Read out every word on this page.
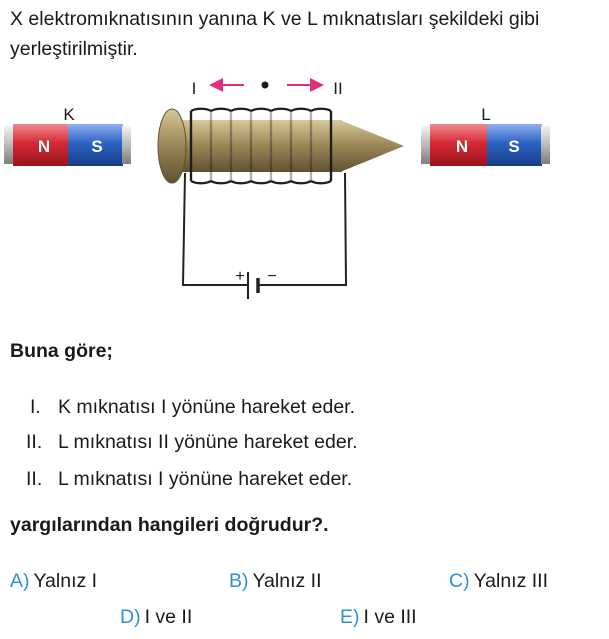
X elektromıknatısının yanına K ve L mıknatısları şekildeki gibi yerleştirilmiştir.
K
N S
L
N S
I	II
+ −
Buna göre;
I. K mıknatısı I yönüne hareket eder.
II. L mıknatısı II yönüne hareket eder.
II. L mıknatısı I yönüne hareket eder.
yargılarından hangileri doğrudur?.
A) Yalnız I	B) Yalnız II	C) Yalnız III
D) I ve II	E) I ve III
